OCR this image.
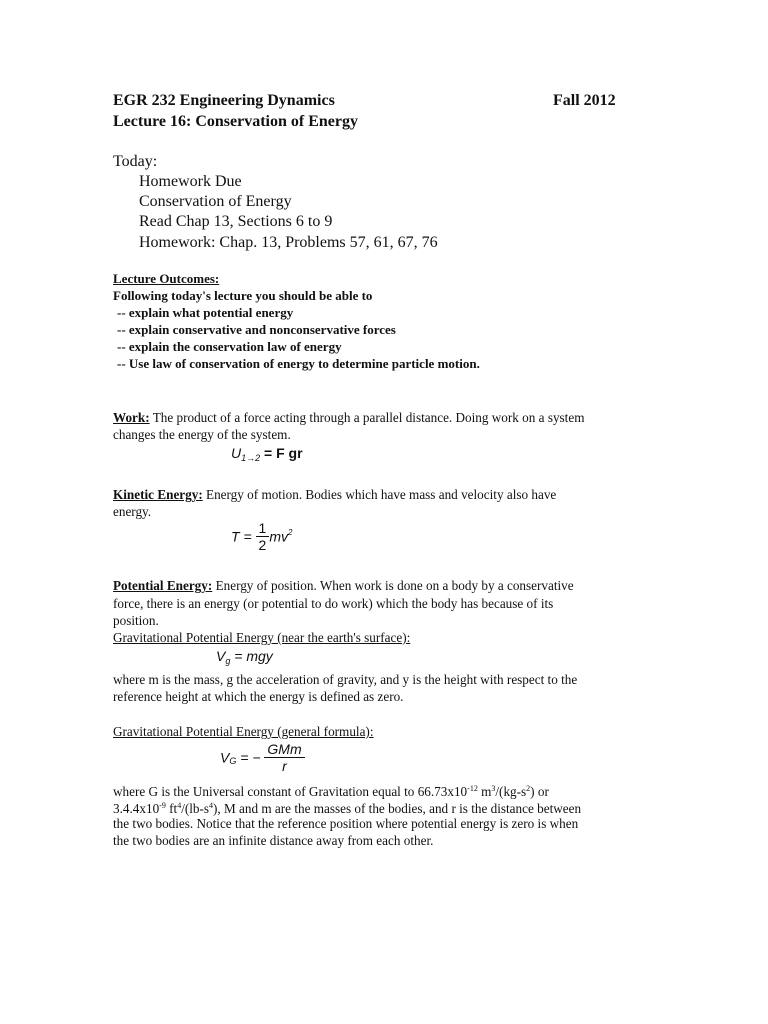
EGR 232 Engineering Dynamics	Fall 2012
Lecture 16: Conservation of Energy
Today:
Homework Due
Conservation of Energy
Read Chap 13, Sections 6 to 9
Homework: Chap. 13, Problems 57, 61, 67, 76
Lecture Outcomes:
Following today's lecture you should be able to
-- explain what potential energy
-- explain conservative and nonconservative forces
-- explain the conservation law of energy
-- Use law of conservation of energy to determine particle motion.
Work: The product of a force acting through a parallel distance. Doing work on a system
changes the energy of the system.
$U_{1\to 2} = F$ gr
Kinetic Energy: Energy of motion. Bodies which have mass and velocity also have
energy.
$T = \frac{1}{2} mv^2$
Potential Energy: Energy of position. When work is done on a body by a conservative
force, there is an energy (or potential to do work) which the body has because of its
position.
Gravitational Potential Energy (near the earth's surface):
$V_g$ = mgy
where m is the mass, g the acceleration of gravity, and y is the height with respect to the
reference height at which the energy is defined as zero.
Gravitational Potential Energy (general formula):
$V_G$ = − $\frac{\text{GMm}}{r}$
where G is the Universal constant of Gravitation equal to $66.73x10^{-12}$ $m^3/(kg-s^2)$ or
$3.4.4x10^{-9}$ $ft^4/(lb-s^4)$, M and m are the masses of the bodies, and r is the distance between
the two bodies. Notice that the reference position where potential energy is zero is when
the two bodies are an infinite distance away from each other.
